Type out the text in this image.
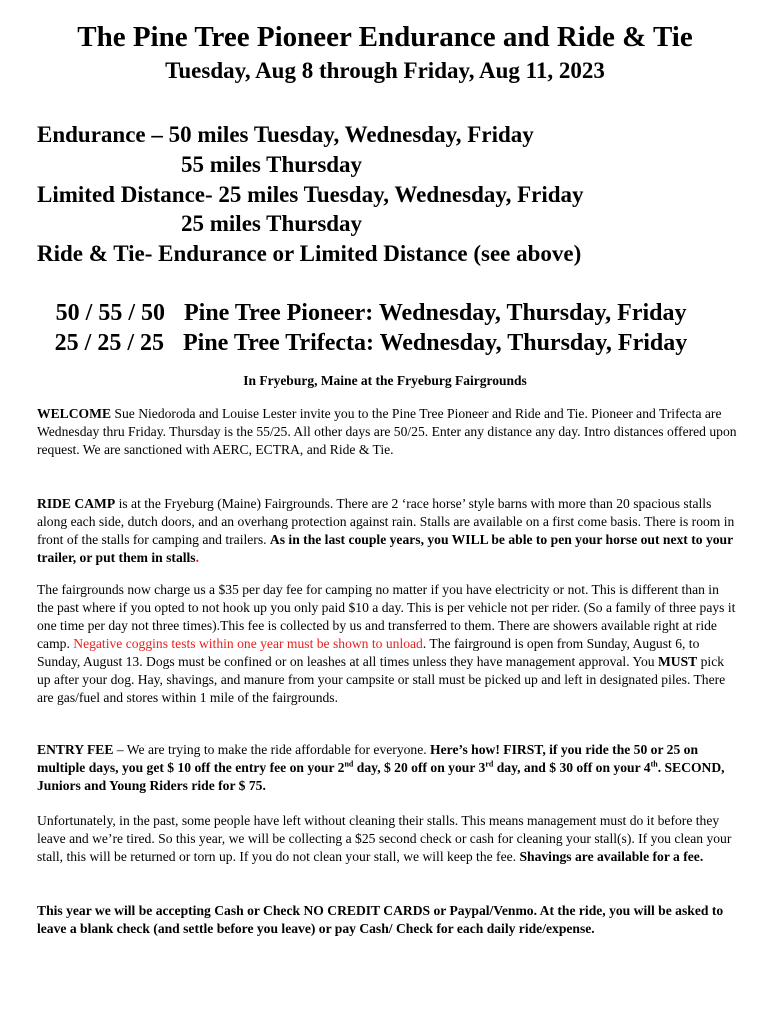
The Pine Tree Pioneer Endurance and Ride & Tie
Tuesday, Aug 8 through Friday, Aug 11, 2023
Endurance – 50 miles Tuesday, Wednesday, Friday
55 miles Thursday
Limited Distance- 25 miles Tuesday, Wednesday, Friday
25 miles Thursday
Ride & Tie- Endurance or Limited Distance (see above)
50 / 55 / 50 Pine Tree Pioneer: Wednesday, Thursday, Friday
25 / 25 / 25 Pine Tree Trifecta: Wednesday, Thursday, Friday
In Fryeburg, Maine at the Fryeburg Fairgrounds
WELCOME Sue Niedoroda and Louise Lester invite you to the Pine Tree Pioneer and Ride and Tie. Pioneer and Trifecta are Wednesday thru Friday. Thursday is the 55/25. All other days are 50/25. Enter any distance any day. Intro distances offered upon request. We are sanctioned with AERC, ECTRA, and Ride & Tie.
RIDE CAMP is at the Fryeburg (Maine) Fairgrounds. There are 2 ‘race horse’ style barns with more than 20 spacious stalls along each side, dutch doors, and an overhang protection against rain. Stalls are available on a first come basis. There is room in front of the stalls for camping and trailers. As in the last couple years, you WILL be able to pen your horse out next to your trailer, or put them in stalls.
The fairgrounds now charge us a $35 per day fee for camping no matter if you have electricity or not. This is different than in the past where if you opted to not hook up you only paid $10 a day. This is per vehicle not per rider. (So a family of three pays it one time per day not three times).This fee is collected by us and transferred to them. There are showers available right at ride camp. Negative coggins tests within one year must be shown to unload. The fairground is open from Sunday, August 6, to Sunday, August 13. Dogs must be confined or on leashes at all times unless they have management approval. You MUST pick up after your dog. Hay, shavings, and manure from your campsite or stall must be picked up and left in designated piles. There are gas/fuel and stores within 1 mile of the fairgrounds.
ENTRY FEE – We are trying to make the ride affordable for everyone. Here’s how! FIRST, if you ride the 50 or 25 on multiple days, you get $ 10 off the entry fee on your 2nd day, $ 20 off on your 3rd day, and $ 30 off on your 4th. SECOND, Juniors and Young Riders ride for $ 75.
Unfortunately, in the past, some people have left without cleaning their stalls. This means management must do it before they leave and we’re tired. So this year, we will be collecting a $25 second check or cash for cleaning your stall(s). If you clean your stall, this will be returned or torn up. If you do not clean your stall, we will keep the fee. Shavings are available for a fee.
This year we will be accepting Cash or Check NO CREDIT CARDS or Paypal/Venmo. At the ride, you will be asked to leave a blank check (and settle before you leave) or pay Cash/ Check for each daily ride/expense.
